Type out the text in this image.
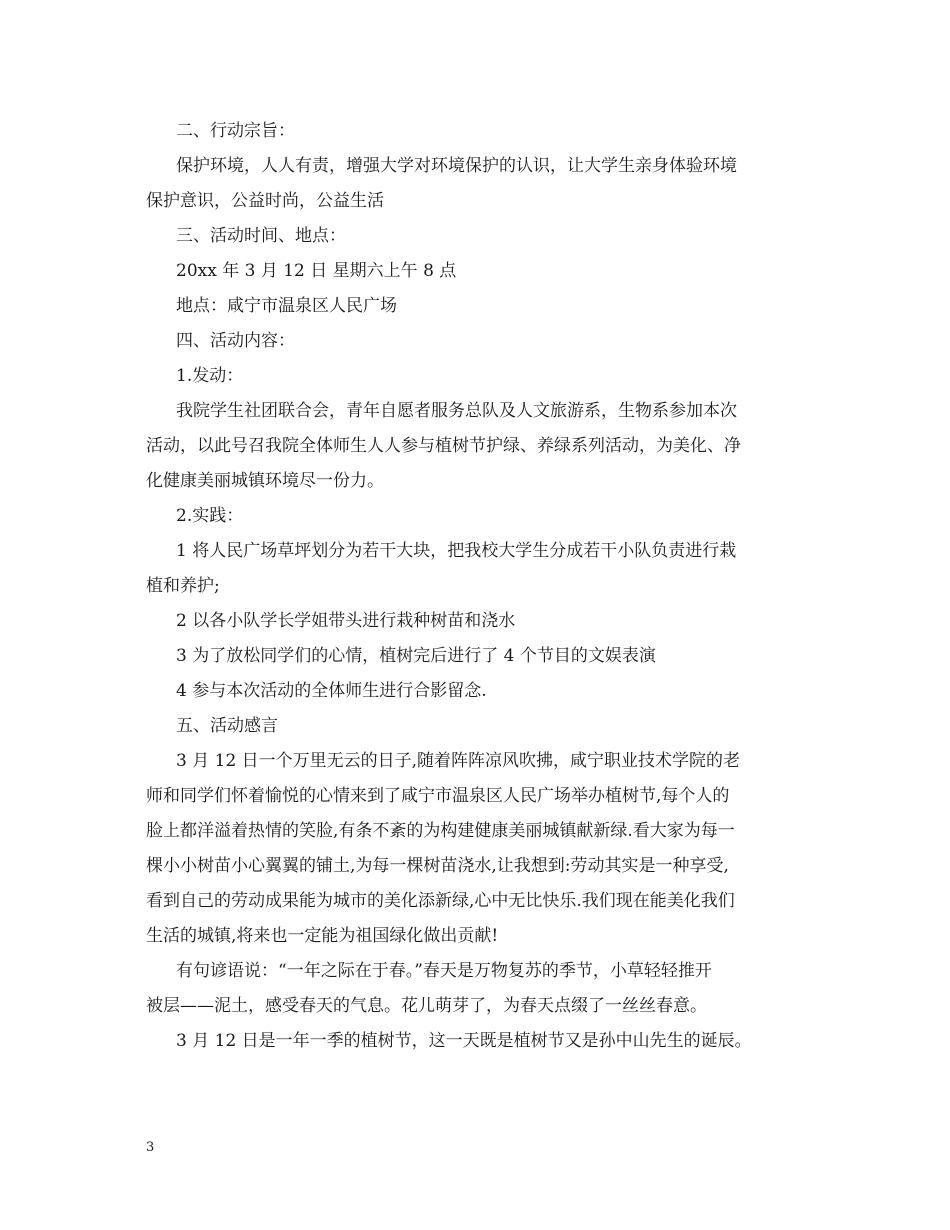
二、行动宗旨：
保护环境，人人有责，增强大学对环境保护的认识，让大学生亲身体验环境
保护意识，公益时尚，公益生活
三、活动时间、地点：
20xx 年 3 月 12 日 星期六上午 8 点
地点：咸宁市温泉区人民广场
四、活动内容：
1.发动：
我院学生社团联合会，青年自愿者服务总队及人文旅游系，生物系参加本次
活动，以此号召我院全体师生人人参与植树节护绿、养绿系列活动，为美化、净
化健康美丽城镇环境尽一份力。
2.实践：
1 将人民广场草坪划分为若干大块，把我校大学生分成若干小队负责进行栽
植和养护;
2 以各小队学长学姐带头进行栽种树苗和浇水
3 为了放松同学们的心情，植树完后进行了 4 个节目的文娱表演
4 参与本次活动的全体师生进行合影留念.
五、活动感言
3 月 12 日一个万里无云的日子,随着阵阵凉风吹拂，咸宁职业技术学院的老
师和同学们怀着愉悦的心情来到了咸宁市温泉区人民广场举办植树节,每个人的
脸上都洋溢着热情的笑脸,有条不紊的为构建健康美丽城镇献新绿.看大家为每一
棵小小树苗小心翼翼的铺土,为每一棵树苗浇水,让我想到:劳动其实是一种享受,
看到自己的劳动成果能为城市的美化添新绿,心中无比快乐.我们现在能美化我们
生活的城镇,将来也一定能为祖国绿化做出贡献!
有句谚语说：“一年之际在于春。”春天是万物复苏的季节，小草轻轻推开
被层——泥土，感受春天的气息。花儿萌芽了，为春天点缀了一丝丝春意。
3 月 12 日是一年一季的植树节，这一天既是植树节又是孙中山先生的诞辰。
3
